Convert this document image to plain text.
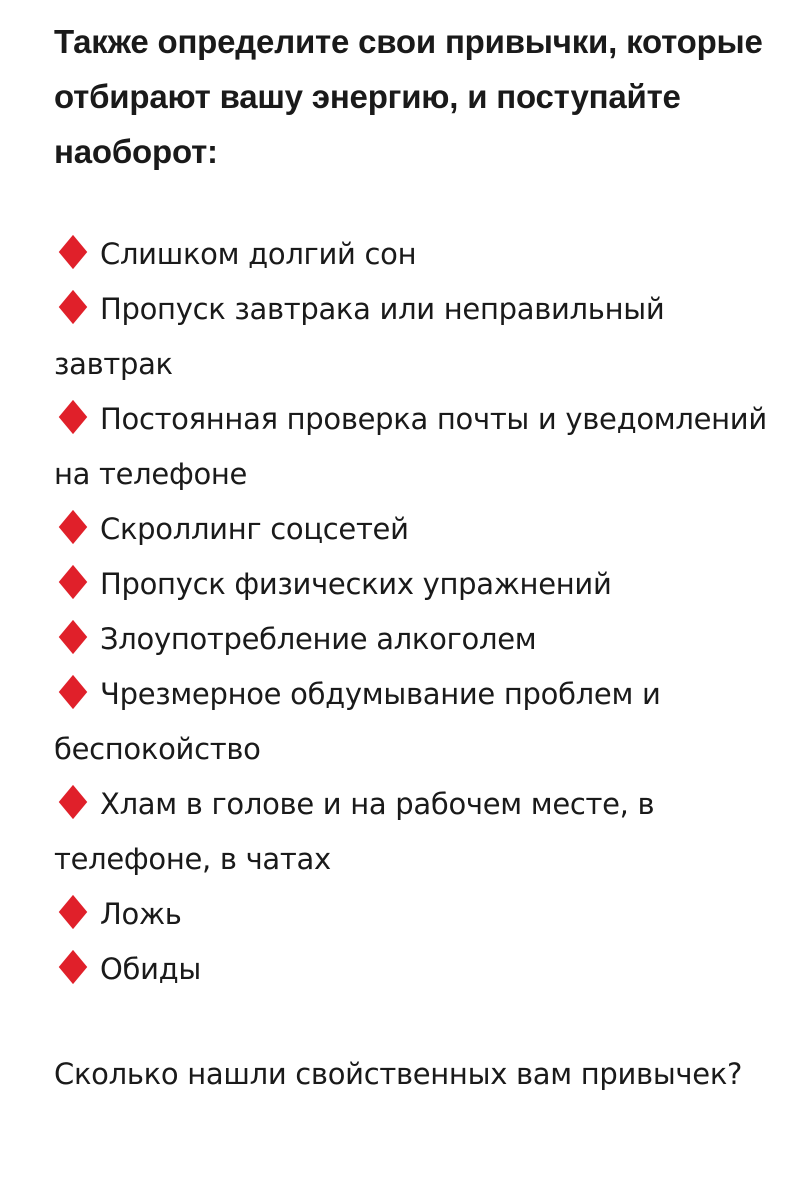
Также определите свои привычки, которые отбирают вашу энергию, и поступайте наоборот:
Слишком долгий сон
Пропуск завтрака или неправильный завтрак
Постоянная проверка почты и уведомлений на телефоне
Скроллинг соцсетей
Пропуск физических упражнений
Злоупотребление алкоголем
Чрезмерное обдумывание проблем и беспокойство
Хлам в голове и на рабочем месте, в телефоне, в чатах
Ложь
Обиды

Сколько нашли свойственных вам привычек?
